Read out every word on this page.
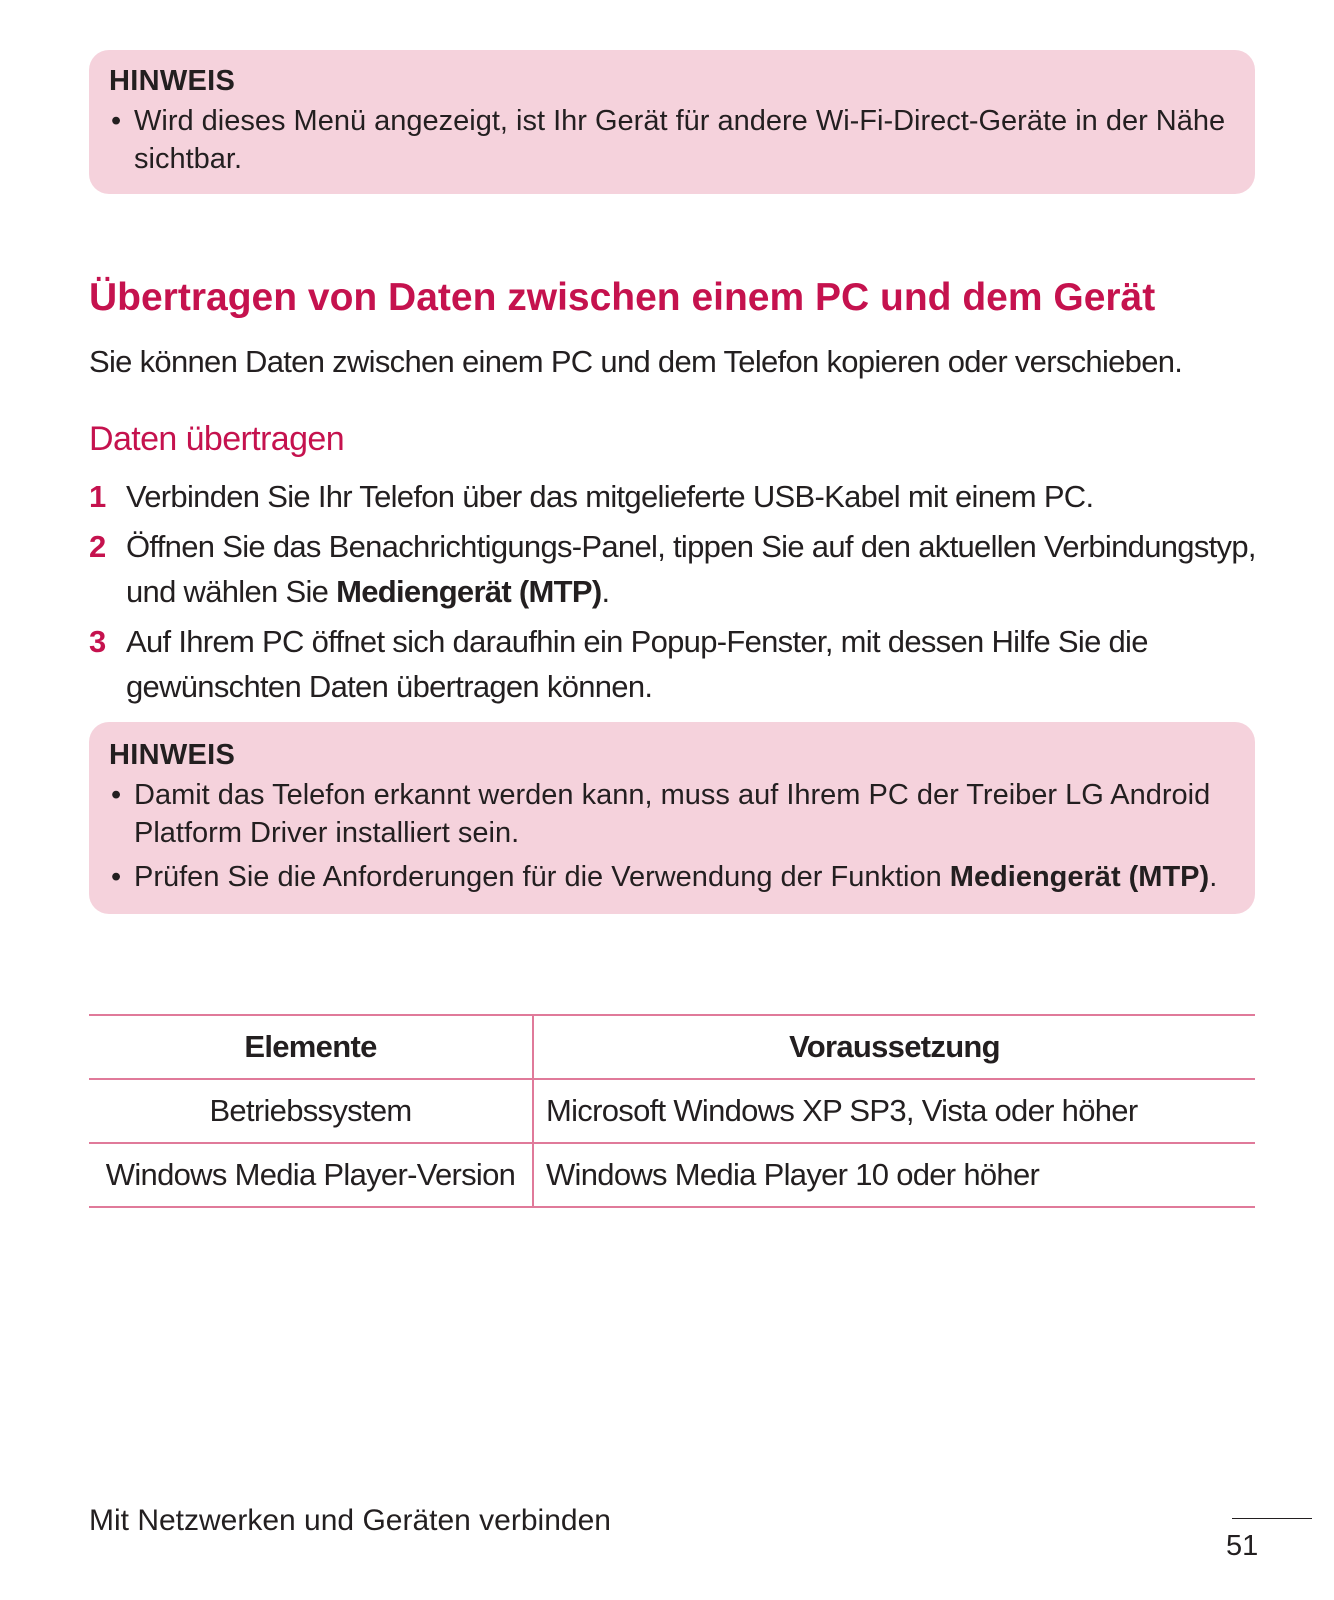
HINWEIS
• Wird dieses Menü angezeigt, ist Ihr Gerät für andere Wi-Fi-Direct-Geräte in der Nähe sichtbar.
Übertragen von Daten zwischen einem PC und dem Gerät
Sie können Daten zwischen einem PC und dem Telefon kopieren oder verschieben.
Daten übertragen
1 Verbinden Sie Ihr Telefon über das mitgelieferte USB-Kabel mit einem PC.
2 Öffnen Sie das Benachrichtigungs-Panel, tippen Sie auf den aktuellen Verbindungstyp, und wählen Sie Mediengerät (MTP).
3 Auf Ihrem PC öffnet sich daraufhin ein Popup-Fenster, mit dessen Hilfe Sie die gewünschten Daten übertragen können.
HINWEIS
• Damit das Telefon erkannt werden kann, muss auf Ihrem PC der Treiber LG Android Platform Driver installiert sein.
• Prüfen Sie die Anforderungen für die Verwendung der Funktion Mediengerät (MTP).
Elemente	Voraussetzung
Betriebssystem	Microsoft Windows XP SP3, Vista oder höher
Windows Media Player-Version	Windows Media Player 10 oder höher
Mit Netzwerken und Geräten verbinden
51
